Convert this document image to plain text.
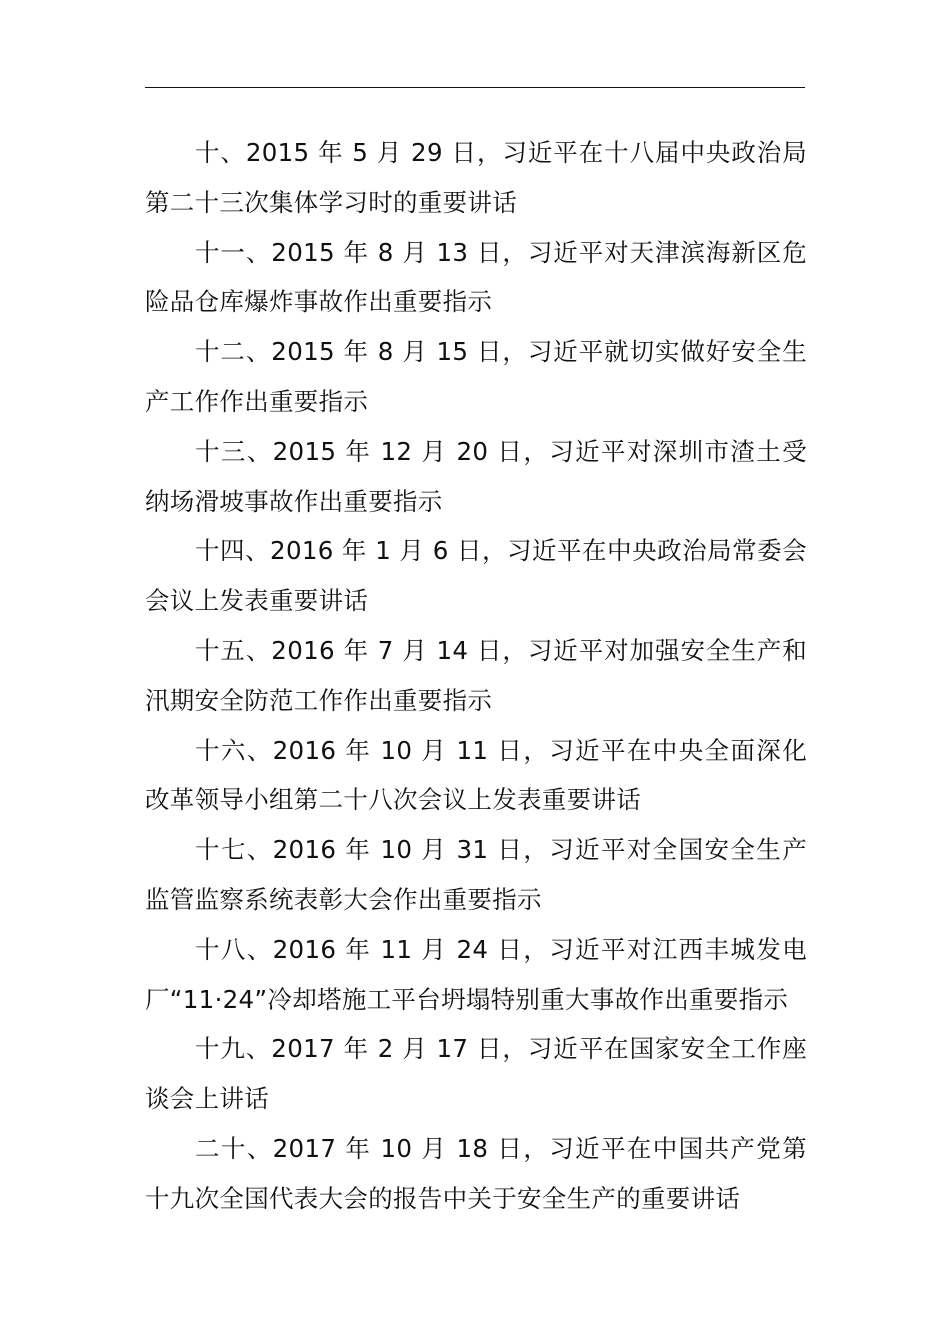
十、2015 年 5 月 29 日，习近平在十八届中央政治局第二十三次集体学习时的重要讲话

十一、2015 年 8 月 13 日，习近平对天津滨海新区危险品仓库爆炸事故作出重要指示

十二、2015 年 8 月 15 日，习近平就切实做好安全生产工作作出重要指示

十三、2015 年 12 月 20 日，习近平对深圳市渣土受纳场滑坡事故作出重要指示

十四、2016 年 1 月 6 日，习近平在中央政治局常委会会议上发表重要讲话

十五、2016 年 7 月 14 日，习近平对加强安全生产和汛期安全防范工作作出重要指示

十六、2016 年 10 月 11 日，习近平在中央全面深化改革领导小组第二十八次会议上发表重要讲话

十七、2016 年 10 月 31 日，习近平对全国安全生产监管监察系统表彰大会作出重要指示

十八、2016 年 11 月 24 日，习近平对江西丰城发电厂“11·24”冷却塔施工平台坍塌特别重大事故作出重要指示

十九、2017 年 2 月 17 日，习近平在国家安全工作座谈会上讲话

二十、2017 年 10 月 18 日，习近平在中国共产党第十九次全国代表大会的报告中关于安全生产的重要讲话
